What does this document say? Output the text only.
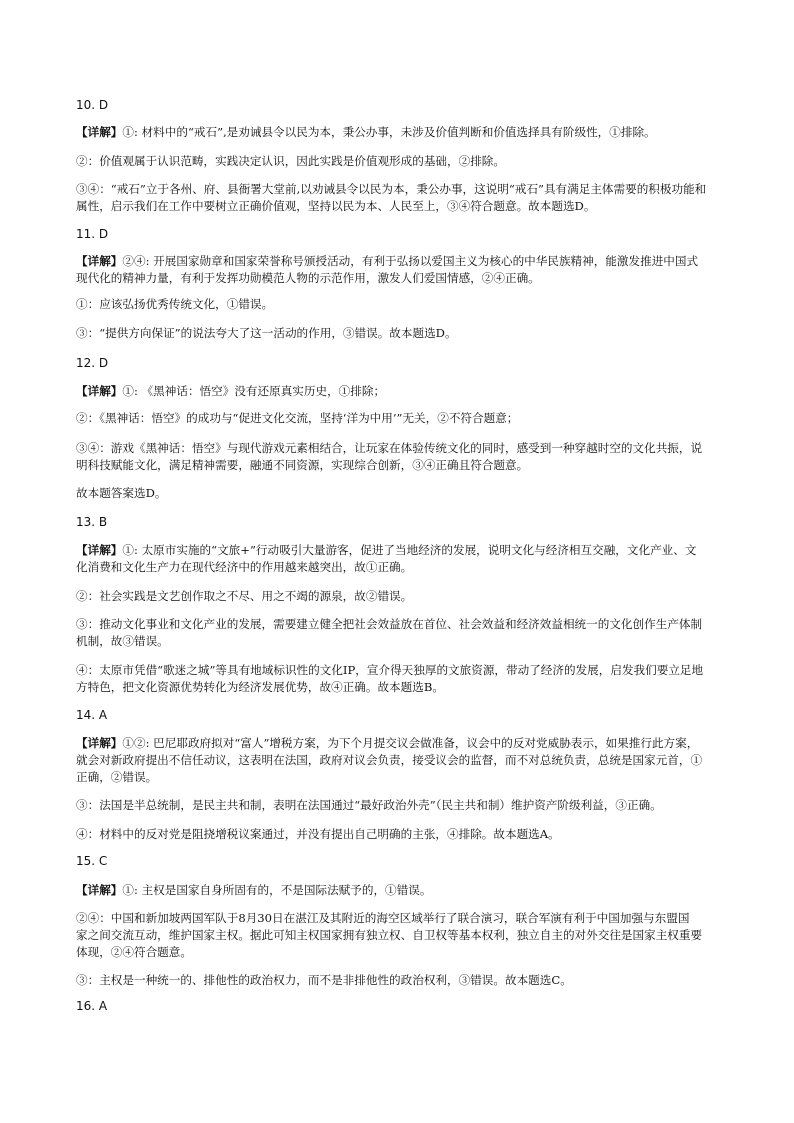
10. D
【详解】①: 材料中的“戒石”,是劝诫县令以民为本，秉公办事，未涉及价值判断和价值选择具有阶级性，①排除。
②：价值观属于认识范畴，实践决定认识，因此实践是价值观形成的基础，②排除。
③④：“戒石”立于各州、府、县衙署大堂前,以劝诫县令以民为本，秉公办事，这说明“戒石”具有满足主体需要的积极功能和
属性，启示我们在工作中要树立正确价值观，坚持以民为本、人民至上，③④符合题意。故本题选D。
11. D
【详解】②④: 开展国家勋章和国家荣誉称号颁授活动，有利于弘扬以爱国主义为核心的中华民族精神，能激发推进中国式
现代化的精神力量，有利于发挥功勋模范人物的示范作用，激发人们爱国情感，②④正确。
①：应该弘扬优秀传统文化，①错误。
③：“提供方向保证”的说法夸大了这一活动的作用，③错误。故本题选D。
12. D
【详解】①: 《黑神话：悟空》没有还原真实历史，①排除；
②：《黑神话：悟空》的成功与“促进文化交流，坚持‘洋为中用’”无关，②不符合题意；
③④：游戏《黑神话：悟空》与现代游戏元素相结合，让玩家在体验传统文化的同时，感受到一种穿越时空的文化共振，说
明科技赋能文化，满足精神需要，融通不同资源，实现综合创新，③④正确且符合题意。
故本题答案选D。
13. B
【详解】①: 太原市实施的“文旅+”行动吸引大量游客，促进了当地经济的发展，说明文化与经济相互交融，文化产业、文
化消费和文化生产力在现代经济中的作用越来越突出，故①正确。
②：社会实践是文艺创作取之不尽、用之不竭的源泉，故②错误。
③：推动文化事业和文化产业的发展，需要建立健全把社会效益放在首位、社会效益和经济效益相统一的文化创作生产体制
机制，故③错误。
④：太原市凭借“歌迷之城”等具有地域标识性的文化IP，宣介得天独厚的文旅资源，带动了经济的发展，启发我们要立足地
方特色，把文化资源优势转化为经济发展优势，故④正确。故本题选B。
14. A
【详解】①②: 巴尼耶政府拟对“富人”增税方案，为下个月提交议会做准备，议会中的反对党威胁表示，如果推行此方案，
就会对新政府提出不信任动议，这表明在法国，政府对议会负责，接受议会的监督，而不对总统负责，总统是国家元首，①
正确，②错误。
③：法国是半总统制，是民主共和制，表明在法国通过“最好政治外壳”（民主共和制）维护资产阶级利益，③正确。
④：材料中的反对党是阻挠增税议案通过，并没有提出自己明确的主张，④排除。故本题选A。
15. C
【详解】①: 主权是国家自身所固有的，不是国际法赋予的，①错误。
②④：中国和新加坡两国军队于8月30日在湛江及其附近的海空区域举行了联合演习，联合军演有利于中国加强与东盟国
家之间交流互动，维护国家主权。据此可知主权国家拥有独立权、自卫权等基本权利，独立自主的对外交往是国家主权重要
体现，②④符合题意。
③：主权是一种统一的、排他性的政治权力，而不是非排他性的政治权利，③错误。故本题选C。
16. A
